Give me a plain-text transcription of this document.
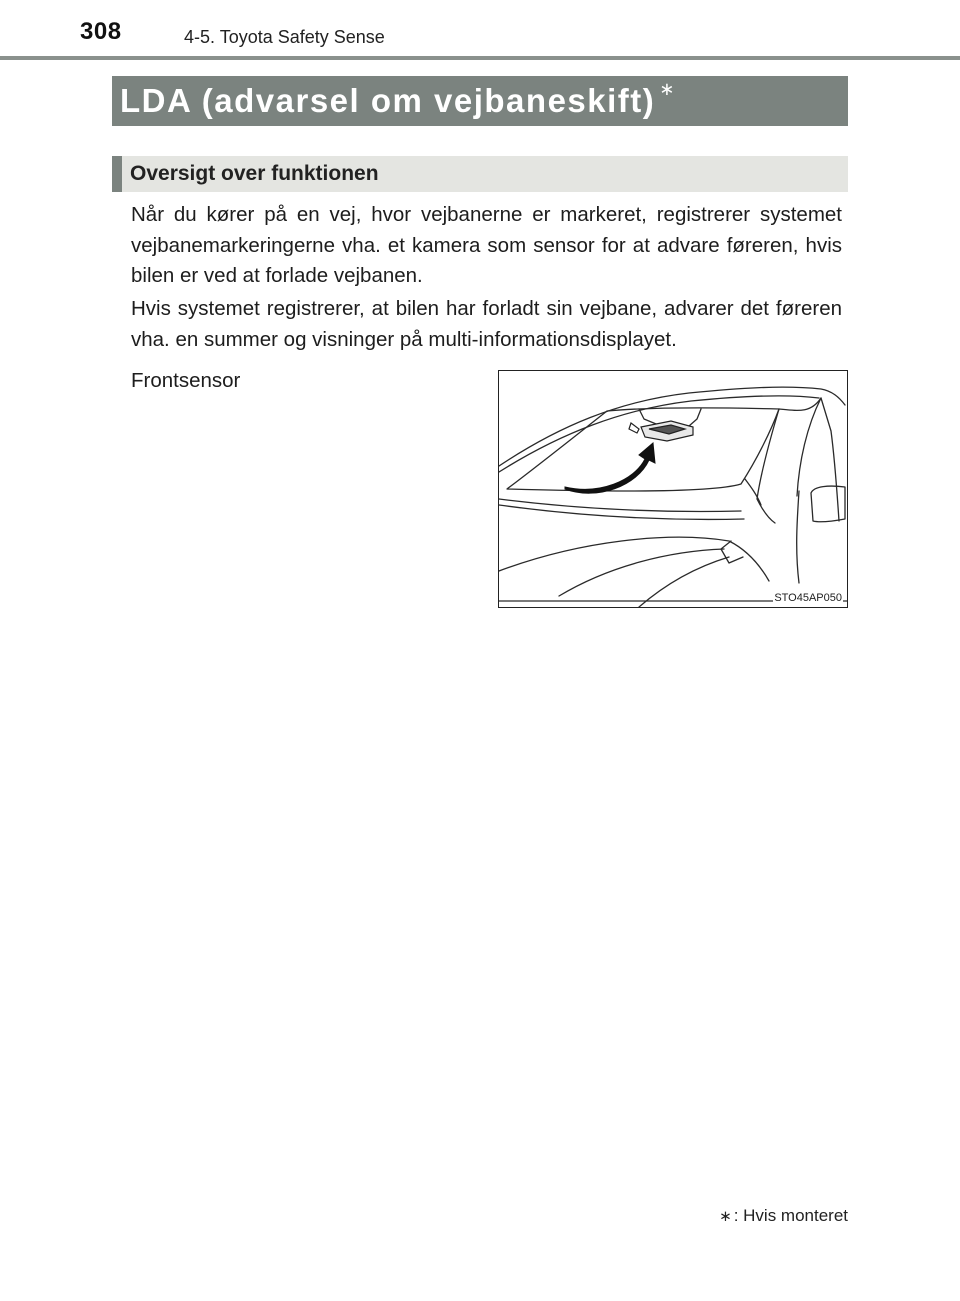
308	4-5. Toyota Safety Sense
LDA (advarsel om vejbaneskift) ∗
Oversigt over funktionen

Når du kører på en vej, hvor vejbanerne er markeret, registrerer systemet vejbanemarkeringerne vha. et kamera som sensor for at advare føreren, hvis bilen er ved at forlade vejbanen.

Hvis systemet registrerer, at bilen har forladt sin vejbane, advarer det føreren vha. en summer og visninger på multi-informationsdisplayet.

Frontsensor
STO45AP050
∗ : Hvis monteret
